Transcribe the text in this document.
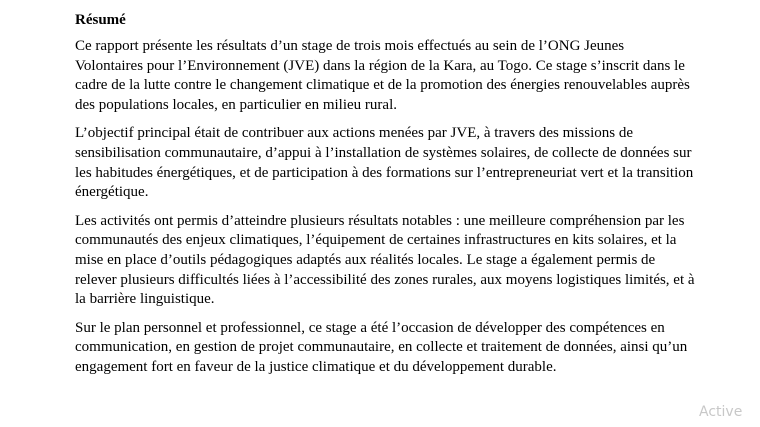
Résumé

Ce rapport présente les résultats d’un stage de trois mois effectués au sein de l’ONG Jeunes Volontaires pour l’Environnement (JVE) dans la région de la Kara, au Togo. Ce stage s’inscrit dans le cadre de la lutte contre le changement climatique et de la promotion des énergies renouvelables auprès des populations locales, en particulier en milieu rural.

L’objectif principal était de contribuer aux actions menées par JVE, à travers des missions de sensibilisation communautaire, d’appui à l’installation de systèmes solaires, de collecte de données sur les habitudes énergétiques, et de participation à des formations sur l’entrepreneuriat vert et la transition énergétique.

Les activités ont permis d’atteindre plusieurs résultats notables : une meilleure compréhension par les communautés des enjeux climatiques, l’équipement de certaines infrastructures en kits solaires, et la mise en place d’outils pédagogiques adaptés aux réalités locales. Le stage a également permis de relever plusieurs difficultés liées à l’accessibilité des zones rurales, aux moyens logistiques limités, et à la barrière linguistique.

Sur le plan personnel et professionnel, ce stage a été l’occasion de développer des compétences en communication, en gestion de projet communautaire, en collecte et traitement de données, ainsi qu’un engagement fort en faveur de la justice climatique et du développement durable.

Active
